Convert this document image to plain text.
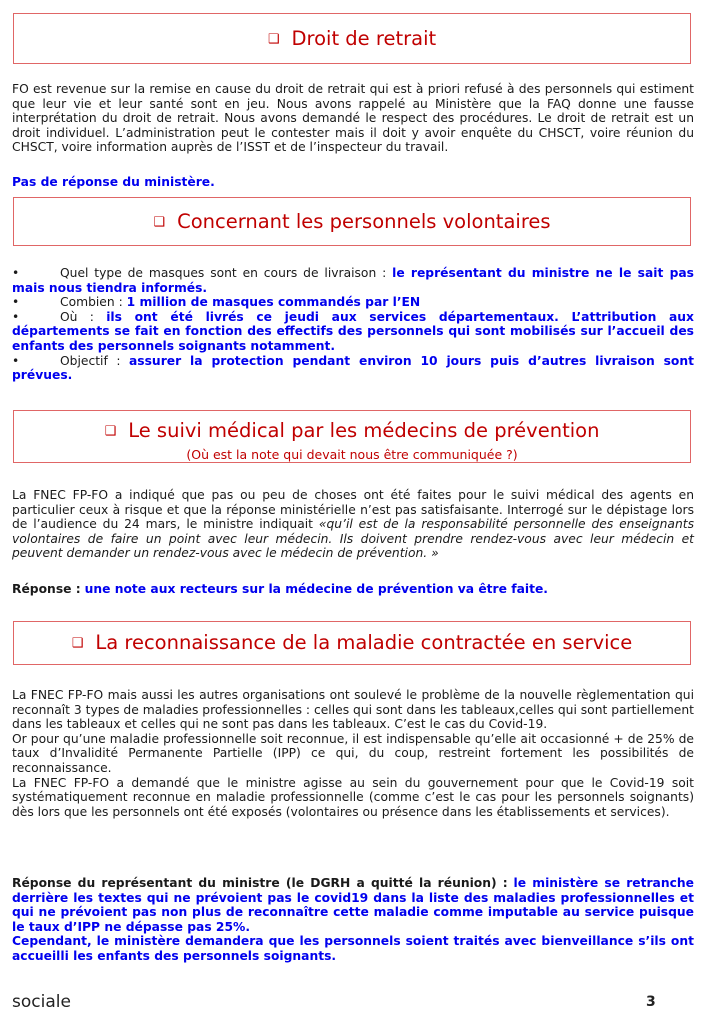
❑ Droit de retrait

FO est revenue sur la remise en cause du droit de retrait qui est à priori refusé à des personnels qui estiment que leur vie et leur santé sont en jeu. Nous avons rappelé au Ministère que la FAQ donne une fausse interprétation du droit de retrait. Nous avons demandé le respect des procédures. Le droit de retrait est un droit individuel. L’administration peut le contester mais il doit y avoir enquête du CHSCT, voire réunion du CHSCT, voire information auprès de l’ISST et de l’inspecteur du travail.

Pas de réponse du ministère.

❑ Concernant les personnels volontaires
•	Quel type de masques sont en cours de livraison : le représentant du ministre ne le sait pas mais nous tiendra informés.
•	Combien : 1 million de masques commandés par l’EN
•	Où : ils ont été livrés ce jeudi aux services départementaux. L’attribution aux départements se fait en fonction des effectifs des personnels qui sont mobilisés sur l’accueil des enfants des personnels soignants notamment.
•	Objectif : assurer la protection pendant environ 10 jours puis d’autres livraison sont prévues.
❑ Le suivi médical par les médecins de prévention
(Où est la note qui devait nous être communiquée ?)

La FNEC FP-FO a indiqué que pas ou peu de choses ont été faites pour le suivi médical des agents en particulier ceux à risque et que la réponse ministérielle n’est pas satisfaisante. Interrogé sur le dépistage lors de l’audience du 24 mars, le ministre indiquait «qu’il est de la responsabilité personnelle des enseignants volontaires de faire un point avec leur médecin. Ils doivent prendre rendez-vous avec leur médecin et peuvent demander un rendez-vous avec le médecin de prévention. »

Réponse : une note aux recteurs sur la médecine de prévention va être faite.

❑ La reconnaissance de la maladie contractée en service
La FNEC FP-FO mais aussi les autres organisations ont soulevé le problème de la nouvelle règlementation qui reconnaît 3 types de maladies professionnelles : celles qui sont dans les tableaux,celles qui sont partiellement dans les tableaux et celles qui ne sont pas dans les tableaux. C’est le cas du Covid-19.
Or pour qu’une maladie professionnelle soit reconnue, il est indispensable qu’elle ait occasionné + de 25% de taux d’Invalidité Permanente Partielle (IPP) ce qui, du coup, restreint fortement les possibilités de reconnaissance.
La FNEC FP-FO a demandé que le ministre agisse au sein du gouvernement pour que le Covid-19 soit systématiquement reconnue en maladie professionnelle (comme c’est le cas pour les personnels soignants) dès lors que les personnels ont été exposés (volontaires ou présence dans les établissements et services).
Réponse du représentant du ministre (le DGRH a quitté la réunion) : le ministère se retranche derrière les textes qui ne prévoient pas le covid19 dans la liste des maladies professionnelles et qui ne prévoient pas non plus de reconnaître cette maladie comme imputable au service puisque le taux d’IPP ne dépasse pas 25%.
Cependant, le ministère demandera que les personnels soient traités avec bienveillance s’ils ont accueilli les enfants des personnels soignants.
sociale	3
